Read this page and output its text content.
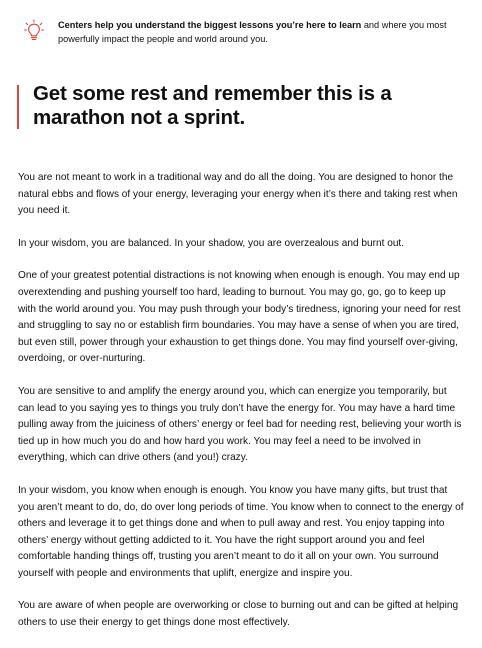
Centers help you understand the biggest lessons you’re here to learn and where you most powerfully impact the people and world around you.

Get some rest and remember this is a
marathon not a sprint.

You are not meant to work in a traditional way and do all the doing. You are designed to honor the natural ebbs and flows of your energy, leveraging your energy when it’s there and taking rest when you need it.

In your wisdom, you are balanced. In your shadow, you are overzealous and burnt out.

One of your greatest potential distractions is not knowing when enough is enough. You may end up overextending and pushing yourself too hard, leading to burnout. You may go, go, go to keep up with the world around you. You may push through your body’s tiredness, ignoring your need for rest and struggling to say no or establish firm boundaries. You may have a sense of when you are tired, but even still, power through your exhaustion to get things done. You may find yourself over-giving, overdoing, or over-nurturing.

You are sensitive to and amplify the energy around you, which can energize you temporarily, but can lead to you saying yes to things you truly don’t have the energy for. You may have a hard time pulling away from the juiciness of others’ energy or feel bad for needing rest, believing your worth is tied up in how much you do and how hard you work. You may feel a need to be involved in everything, which can drive others (and you!) crazy.

In your wisdom, you know when enough is enough. You know you have many gifts, but trust that you aren’t meant to do, do, do over long periods of time. You know when to connect to the energy of others and leverage it to get things done and when to pull away and rest. You enjoy tapping into others’ energy without getting addicted to it. You have the right support around you and feel comfortable handing things off, trusting you aren’t meant to do it all on your own. You surround yourself with people and environments that uplift, energize and inspire you.

You are aware of when people are overworking or close to burning out and can be gifted at helping others to use their energy to get things done most effectively.
